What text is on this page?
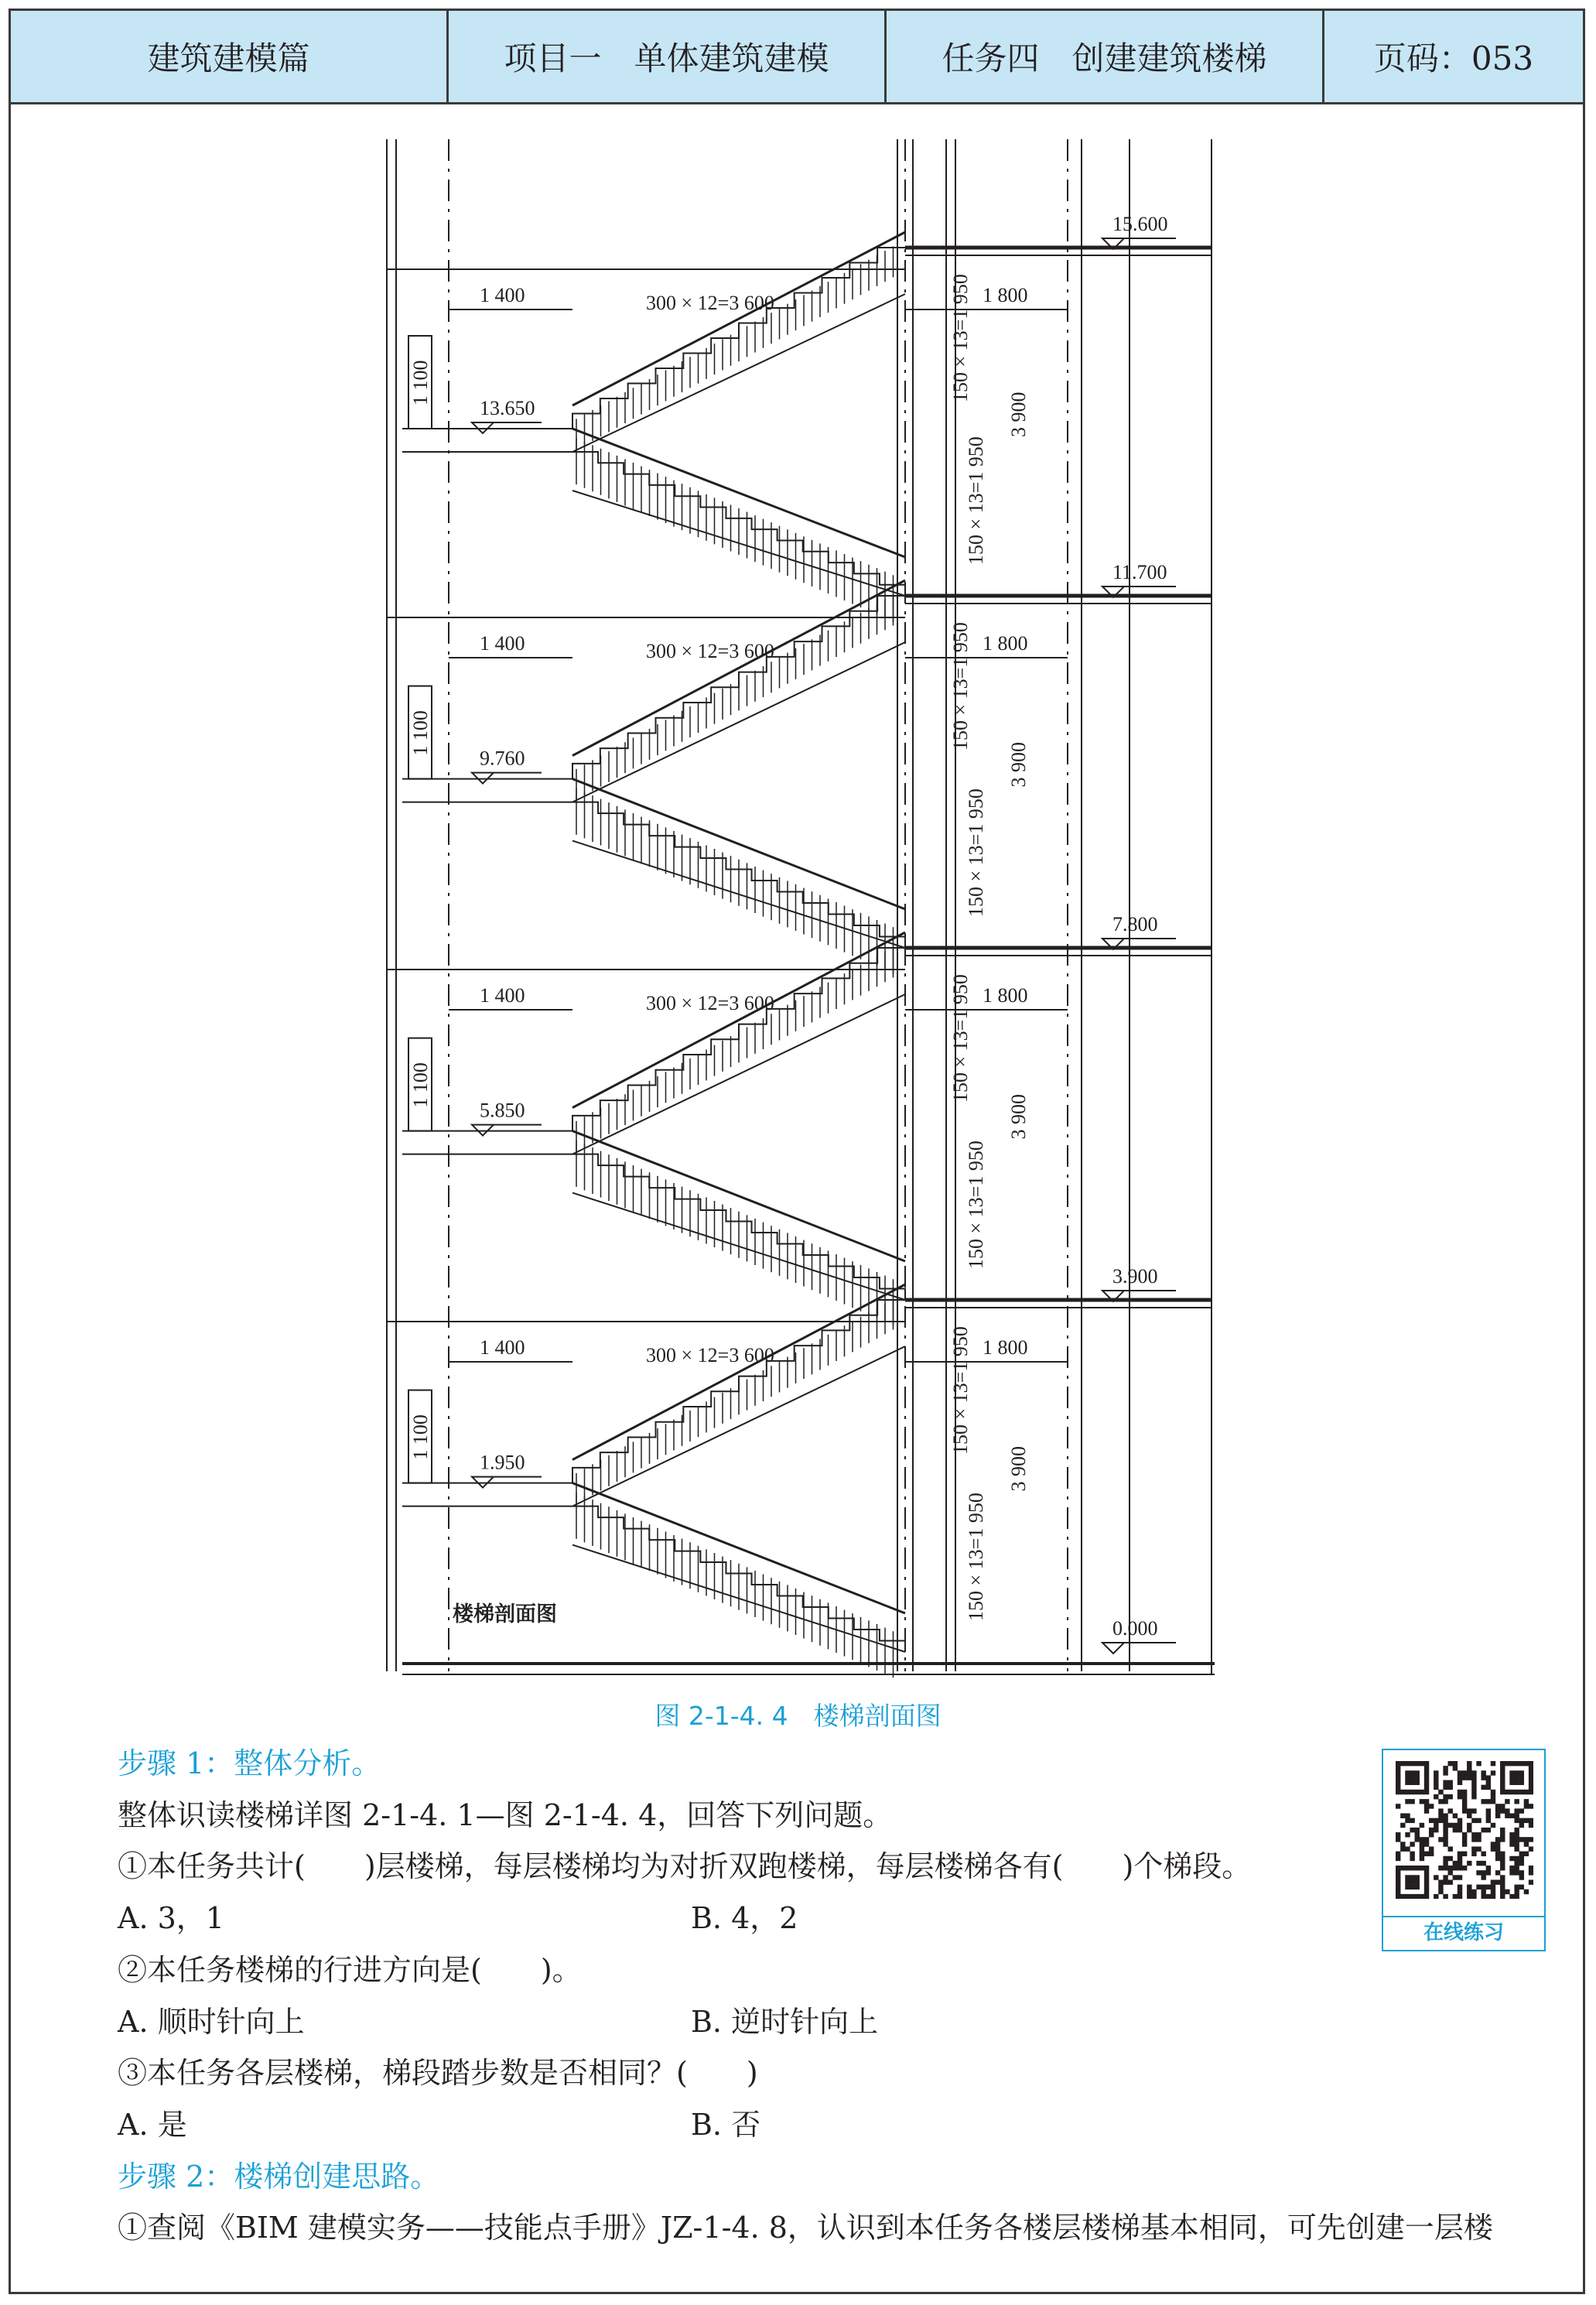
建筑建模篇	项目一　单体建筑建模	任务四　创建建筑楼梯	页码：053
1 100
1 400	300 × 12=3 600	1 800
150 × 13=1 950
150 × 13=1 950
3 900
13.650
1 100
1 400	300 × 12=3 600	1 800
150 × 13=1 950
150 × 13=1 950
3 900
9.760
1 100
1 400	300 × 12=3 600	1 800
150 × 13=1 950
150 × 13=1 950
3 900
5.850
1 100
1 400	300 × 12=3 600	1 800
150 × 13=1 950
150 × 13=1 950
3 900
1.950
15.600
11.700
7.800
3.900
0.000
楼梯剖面图
图 2-1-4. 4　楼梯剖面图
步骤 1：整体分析。
整体识读楼梯详图 2-1-4. 1—图 2-1-4. 4，回答下列问题。
①本任务共计(　　)层楼梯，每层楼梯均为对折双跑楼梯，每层楼梯各有(　　)个梯段。
A. 3，1	B. 4，2
②本任务楼梯的行进方向是(　　)。
A. 顺时针向上	B. 逆时针向上
③本任务各层楼梯，梯段踏步数是否相同？(　　)
A. 是	B. 否
步骤 2：楼梯创建思路。
①查阅《BIM 建模实务——技能点手册》JZ-1-4. 8，认识到本任务各楼层楼梯基本相同，可先创建一层楼
在线练习
